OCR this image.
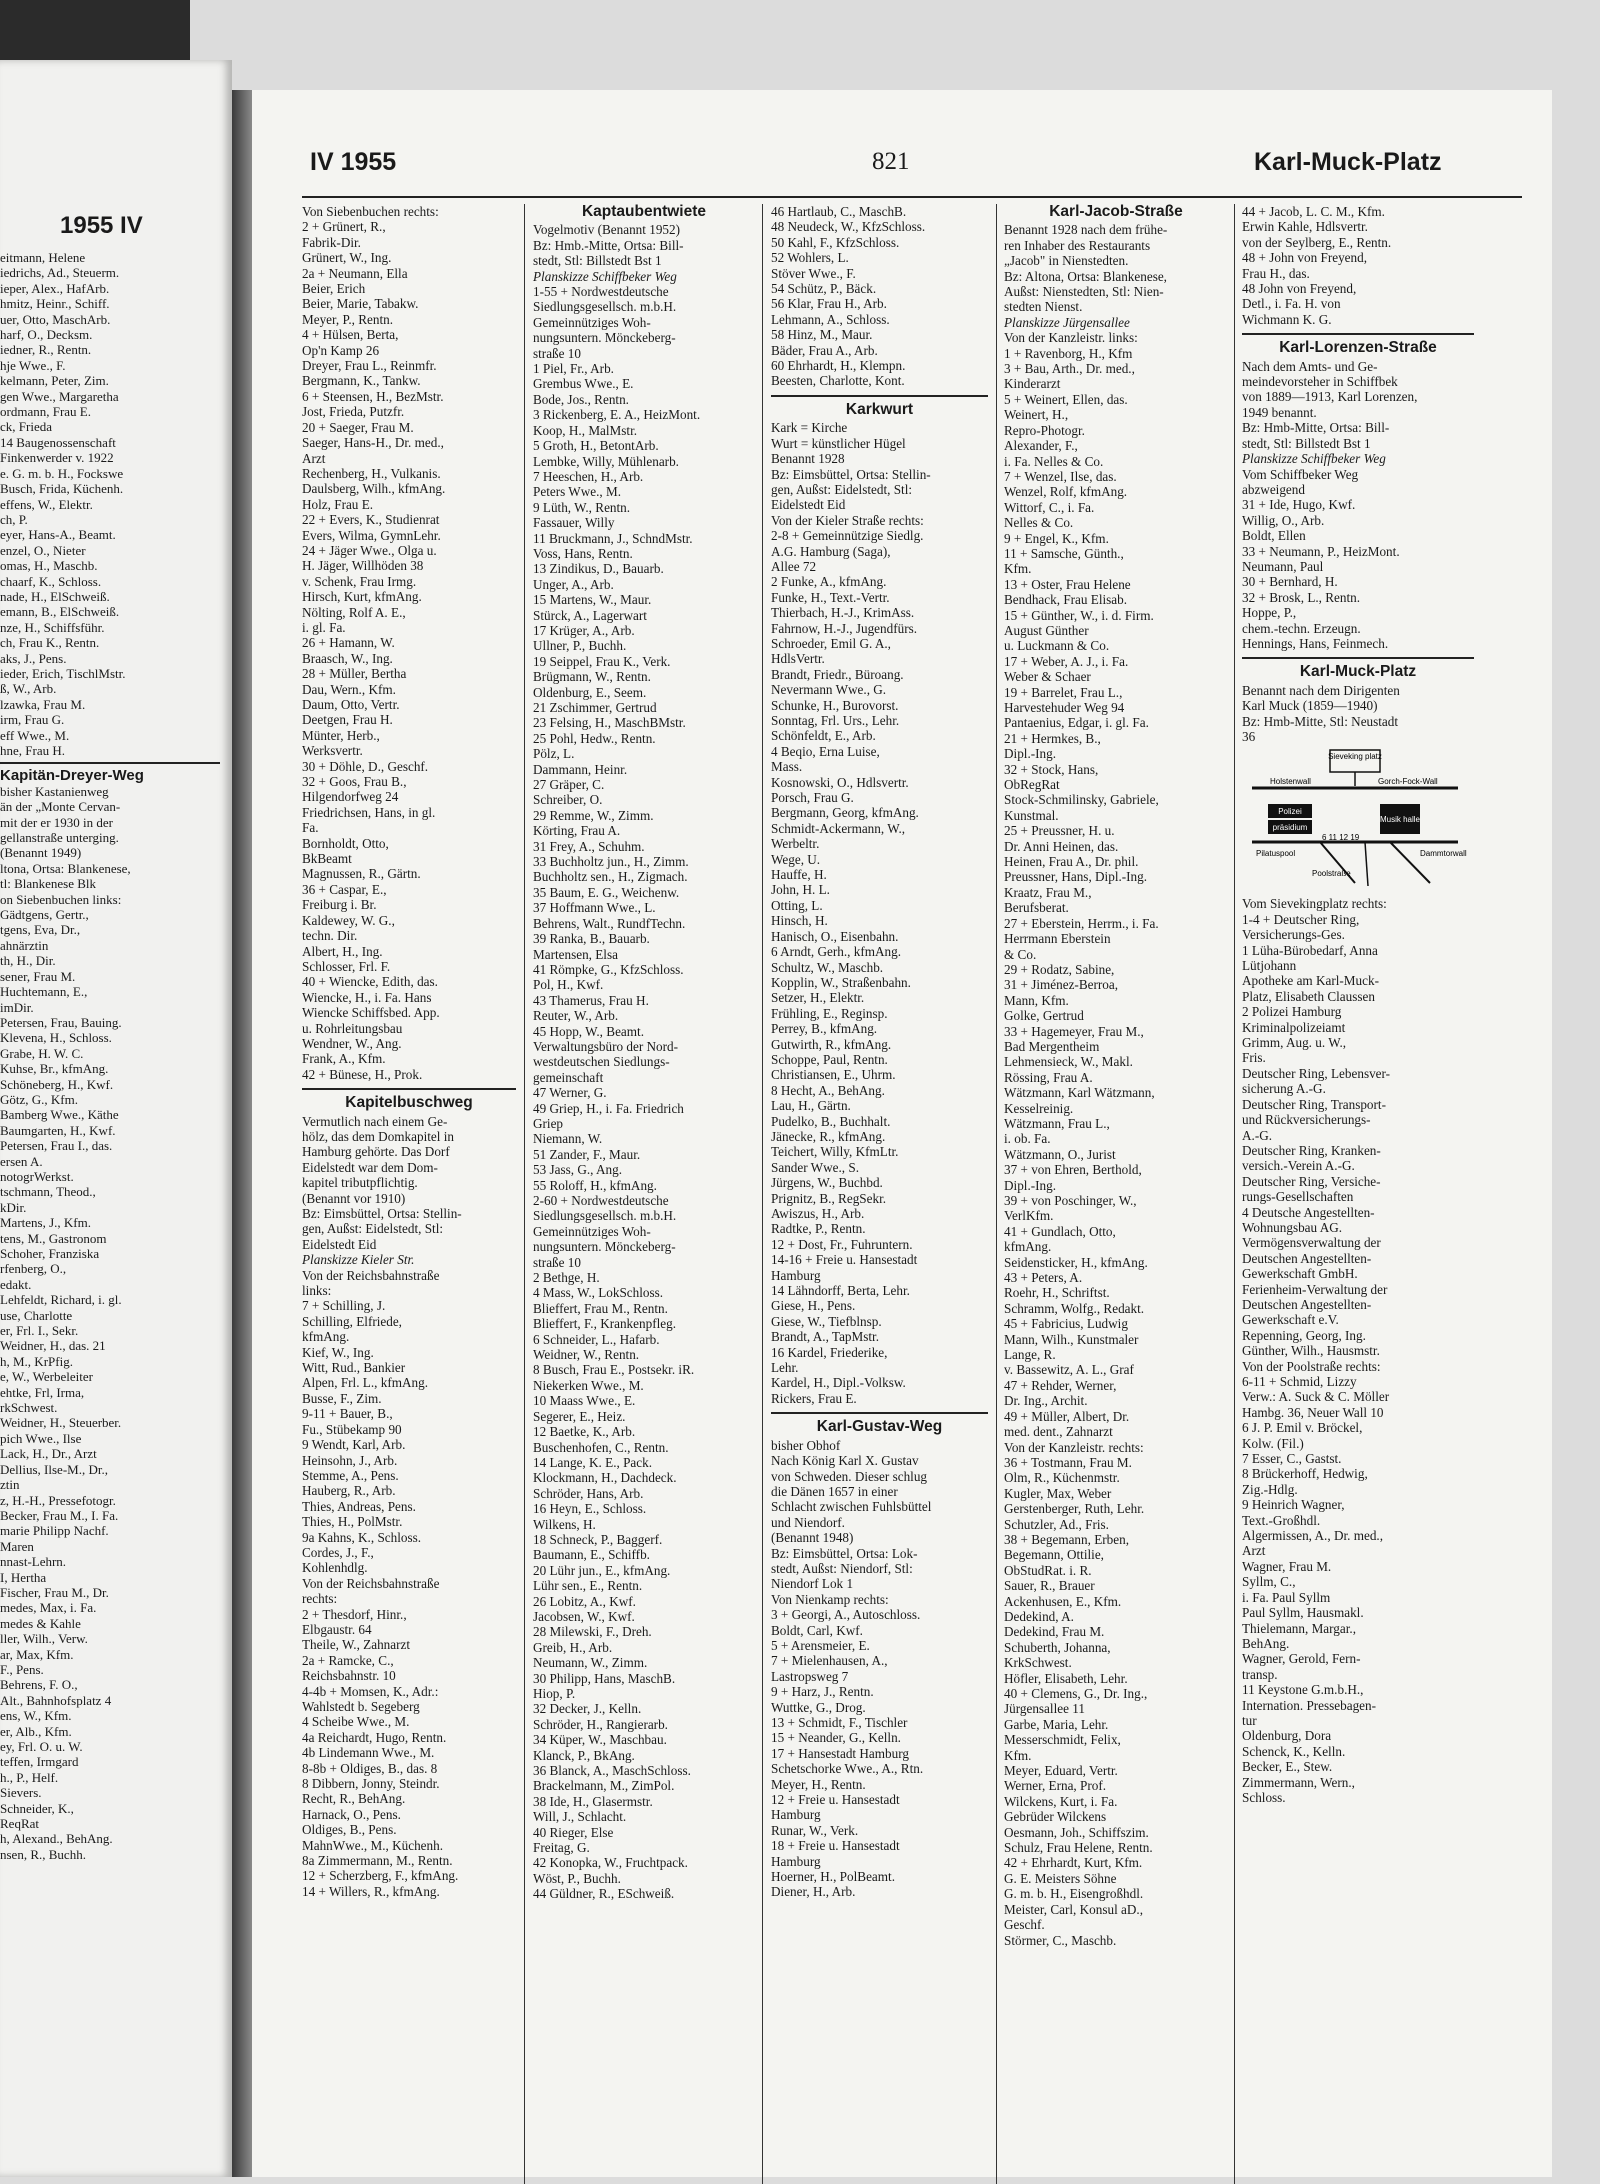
1955 IV
eitmann, Helene
iedrichs, Ad., Steuerm.
ieper, Alex., HafArb.
hmitz, Heinr., Schiff.
uer, Otto, MaschArb.
harf, O., Decksm.
iedner, R., Rentn.
hje Wwe., F.
kelmann, Peter, Zim.
gen Wwe., Margaretha
ordmann, Frau E.
ck, Frieda
14 Baugenossenschaft
Finkenwerder v. 1922
e. G. m. b. H., Fockswe
Busch, Frida, Küchenh.
effens, W., Elektr.
ch, P.
eyer, Hans-A., Beamt.
enzel, O., Nieter
omas, H., Maschb.
chaarf, K., Schloss.
nade, H., ElSchweiß.
emann, B., ElSchweiß.
nze, H., Schiffsführ.
ch, Frau K., Rentn.
aks, J., Pens.
ieder, Erich, TischlMstr.
ß, W., Arb.
lzawka, Frau M.
irm, Frau G.
eff Wwe., M.
hne, Frau H.
Kapitän-Dreyer-Weg
bisher Kastanienweg
än der „Monte Cervan-
mit der er 1930 in der
gellanstraße unterging.
(Benannt 1949)
ltona, Ortsa: Blankenese,
tl: Blankenese Blk
on Siebenbuchen links:
Gädtgens, Gertr.,
tgens, Eva, Dr.,
ahnärztin
th, H., Dir.
sener, Frau M.
Huchtemann, E.,
imDir.
Petersen, Frau, Bauing.
Klevena, H., Schloss.
Grabe, H. W. C.
Kuhse, Br., kfmAng.
Schöneberg, H., Kwf.
Götz, G., Kfm.
Bamberg Wwe., Käthe
Baumgarten, H., Kwf.
Petersen, Frau I., das.
ersen A.
notogrWerkst.
tschmann, Theod.,
kDir.
Martens, J., Kfm.
tens, M., Gastronom
Schoher, Franziska
rfenberg, O.,
edakt.
Lehfeldt, Richard, i. gl.
use, Charlotte
er, Frl. I., Sekr.
Weidner, H., das. 21
h, M., KrPfig.
e, W., Werbeleiter
ehtke, Frl, Irma,
rkSchwest.
Weidner, H., Steuerber.
pich Wwe., Ilse
Lack, H., Dr., Arzt
Dellius, Ilse-M., Dr.,
ztin
z, H.-H., Pressefotogr.
Becker, Frau M., I. Fa.
marie Philipp Nachf.
Maren
nnast-Lehrn.
I, Hertha
Fischer, Frau M., Dr.
medes, Max, i. Fa.
medes & Kahle
ller, Wilh., Verw.
ar, Max, Kfm.
F., Pens.
Behrens, F. O.,
Alt., Bahnhofsplatz 4
ens, W., Kfm.
er, Alb., Kfm.
ey, Frl. O. u. W.
teffen, Irmgard
h., P., Helf.
Sievers.
Schneider, K.,
ReqRat
h, Alexand., BehAng.
nsen, R., Buchh.
IV 1955	821	Karl-Muck-Platz
Von Siebenbuchen rechts:
2 + Grünert, R.,
Fabrik-Dir.
Grünert, W., Ing.
2a + Neumann, Ella
Beier, Erich
Beier, Marie, Tabakw.
Meyer, P., Rentn.
4 + Hülsen, Berta,
Op'n Kamp 26
Dreyer, Frau L., Reinmfr.
Bergmann, K., Tankw.
6 + Steensen, H., BezMstr.
Jost, Frieda, Putzfr.
20 + Saeger, Frau M.
Saeger, Hans-H., Dr. med.,
Arzt
Rechenberg, H., Vulkanis.
Daulsberg, Wilh., kfmAng.
Holz, Frau E.
22 + Evers, K., Studienrat
Evers, Wilma, GymnLehr.
24 + Jäger Wwe., Olga u.
H. Jäger, Willhöden 38
v. Schenk, Frau Irmg.
Hirsch, Kurt, kfmAng.
Nölting, Rolf A. E.,
i. gl. Fa.
26 + Hamann, W.
Braasch, W., Ing.
28 + Müller, Bertha
Dau, Wern., Kfm.
Daum, Otto, Vertr.
Deetgen, Frau H.
Münter, Herb.,
Werksvertr.
30 + Döhle, D., Geschf.
32 + Goos, Frau B.,
Hilgendorfweg 24
Friedrichsen, Hans, in gl.
Fa.
Bornholdt, Otto,
BkBeamt
Magnussen, R., Gärtn.
36 + Caspar, E.,
Freiburg i. Br.
Kaldewey, W. G.,
techn. Dir.
Albert, H., Ing.
Schlosser, Frl. F.
40 + Wiencke, Edith, das.
Wiencke, H., i. Fa. Hans
Wiencke Schiffsbed. App.
u. Rohrleitungsbau
Wendner, W., Ang.
Frank, A., Kfm.
42 + Bünese, H., Prok.
Kapitelbuschweg
Vermutlich nach einem Ge-
hölz, das dem Domkapitel in
Hamburg gehörte. Das Dorf
Eidelstedt war dem Dom-
kapitel tributpflichtig.
(Benannt vor 1910)
Bz: Eimsbüttel, Ortsa: Stellin-
gen, Außst: Eidelstedt, Stl:
Eidelstedt Eid
Planskizze Kieler Str.
Von der Reichsbahnstraße
links:
7 + Schilling, J.
Schilling, Elfriede,
kfmAng.
Kief, W., Ing.
Witt, Rud., Bankier
Alpen, Frl. L., kfmAng.
Busse, F., Zim.
9-11 + Bauer, B.,
Fu., Stübekamp 90
9 Wendt, Karl, Arb.
Heinsohn, J., Arb.
Stemme, A., Pens.
Hauberg, R., Arb.
Thies, Andreas, Pens.
Thies, H., PolMstr.
9a Kahns, K., Schloss.
Cordes, J., F.,
Kohlenhdlg.
Von der Reichsbahnstraße
rechts:
2 + Thesdorf, Hinr.,
Elbgaustr. 64
Theile, W., Zahnarzt
2a + Ramcke, C.,
Reichsbahnstr. 10
4-4b + Momsen, K., Adr.:
Wahlstedt b. Segeberg
4 Scheibe Wwe., M.
4a Reichardt, Hugo, Rentn.
4b Lindemann Wwe., M.
8-8b + Oldiges, B., das. 8
8 Dibbern, Jonny, Steindr.
Recht, R., BehAng.
Harnack, O., Pens.
Oldiges, B., Pens.
MahnWwe., M., Küchenh.
8a Zimmermann, M., Rentn.
12 + Scherzberg, F., kfmAng.
14 + Willers, R., kfmAng.
Kaptaubentwiete
Vogelmotiv (Benannt 1952)
Bz: Hmb.-Mitte, Ortsa: Bill-
stedt, Stl: Billstedt Bst 1
Planskizze Schiffbeker Weg
1-55 + Nordwestdeutsche
Siedlungsgesellsch. m.b.H.
Gemeinnütziges Woh-
nungsuntern. Mönckeberg-
straße 10
1 Piel, Fr., Arb.
Grembus Wwe., E.
Bode, Jos., Rentn.
3 Rickenberg, E. A., HeizMont.
Koop, H., MalMstr.
5 Groth, H., BetontArb.
Lembke, Willy, Mühlenarb.
7 Heeschen, H., Arb.
Peters Wwe., M.
9 Lüth, W., Rentn.
Fassauer, Willy
11 Bruckmann, J., SchndMstr.
Voss, Hans, Rentn.
13 Zindikus, D., Bauarb.
Unger, A., Arb.
15 Martens, W., Maur.
Stürck, A., Lagerwart
17 Krüger, A., Arb.
Ullner, P., Buchh.
19 Seippel, Frau K., Verk.
Brügmann, W., Rentn.
Oldenburg, E., Seem.
21 Zschimmer, Gertrud
23 Felsing, H., MaschBMstr.
25 Pohl, Hedw., Rentn.
Pölz, L.
Dammann, Heinr.
27 Gräper, C.
Schreiber, O.
29 Remme, W., Zimm.
Körting, Frau A.
31 Frey, A., Schuhm.
33 Buchholtz jun., H., Zimm.
Buchholtz sen., H., Zigmach.
35 Baum, E. G., Weichenw.
37 Hoffmann Wwe., L.
Behrens, Walt., RundfTechn.
39 Ranka, B., Bauarb.
Martensen, Elsa
41 Römpke, G., KfzSchloss.
Pol, H., Kwf.
43 Thamerus, Frau H.
Reuter, W., Arb.
45 Hopp, W., Beamt.
Verwaltungsbüro der Nord-
westdeutschen Siedlungs-
gemeinschaft
47 Werner, G.
49 Griep, H., i. Fa. Friedrich
Griep
Niemann, W.
51 Zander, F., Maur.
53 Jass, G., Ang.
55 Roloff, H., kfmAng.
2-60 + Nordwestdeutsche
Siedlungsgesellsch. m.b.H.
Gemeinnütziges Woh-
nungsuntern. Mönckeberg-
straße 10
2 Bethge, H.
4 Mass, W., LokSchloss.
Blieffert, Frau M., Rentn.
Blieffert, F., Krankenpfleg.
6 Schneider, L., Hafarb.
Weidner, W., Rentn.
8 Busch, Frau E., Postsekr. iR.
Niekerken Wwe., M.
10 Maass Wwe., E.
Segerer, E., Heiz.
12 Baetke, K., Arb.
Buschenhofen, C., Rentn.
14 Lange, K. E., Pack.
Klockmann, H., Dachdeck.
Schröder, Hans, Arb.
16 Heyn, E., Schloss.
Wilkens, H.
18 Schneck, P., Baggerf.
Baumann, E., Schiffb.
20 Lühr jun., E., kfmAng.
Lühr sen., E., Rentn.
26 Lobitz, A., Kwf.
Jacobsen, W., Kwf.
28 Milewski, F., Dreh.
Greib, H., Arb.
Neumann, W., Zimm.
30 Philipp, Hans, MaschB.
Hiop, P.
32 Decker, J., Kelln.
Schröder, H., Rangierarb.
34 Küper, W., Maschbau.
Klanck, P., BkAng.
36 Blanck, A., MaschSchloss.
Brackelmann, M., ZimPol.
38 Ide, H., Glasermstr.
Will, J., Schlacht.
40 Rieger, Else
Freitag, G.
42 Konopka, W., Fruchtpack.
Wöst, P., Buchh.
44 Güldner, R., ESchweiß.
46 Hartlaub, C., MaschB.
48 Neudeck, W., KfzSchloss.
50 Kahl, F., KfzSchloss.
52 Wohlers, L.
Stöver Wwe., F.
54 Schütz, P., Bäck.
56 Klar, Frau H., Arb.
Lehmann, A., Schloss.
58 Hinz, M., Maur.
Bäder, Frau A., Arb.
60 Ehrhardt, H., Klempn.
Beesten, Charlotte, Kont.
Karkwurt
Kark = Kirche
Wurt = künstlicher Hügel
Benannt 1928
Bz: Eimsbüttel, Ortsa: Stellin-
gen, Außst: Eidelstedt, Stl:
Eidelstedt Eid
Von der Kieler Straße rechts:
2-8 + Gemeinnützige Siedlg.
A.G. Hamburg (Saga),
Allee 72
2 Funke, A., kfmAng.
Funke, H., Text.-Vertr.
Thierbach, H.-J., KrimAss.
Fahrnow, H.-J., Jugendfürs.
Schroeder, Emil G. A.,
HdlsVertr.
Brandt, Friedr., Büroang.
Nevermann Wwe., G.
Schunke, H., Burovorst.
Sonntag, Frl. Urs., Lehr.
Schönfeldt, E., Arb.
4 Beqio, Erna Luise,
Mass.
Kosnowski, O., Hdlsvertr.
Porsch, Frau G.
Bergmann, Georg, kfmAng.
Schmidt-Ackermann, W.,
Werbeltr.
Wege, U.
Hauffe, H.
John, H. L.
Otting, L.
Hinsch, H.
Hanisch, O., Eisenbahn.
6 Arndt, Gerh., kfmAng.
Schultz, W., Maschb.
Kopplin, W., Straßenbahn.
Setzer, H., Elektr.
Frühling, E., Reginsp.
Perrey, B., kfmAng.
Gutwirth, R., kfmAng.
Schoppe, Paul, Rentn.
Christiansen, E., Uhrm.
8 Hecht, A., BehAng.
Lau, H., Gärtn.
Pudelko, B., Buchhalt.
Jänecke, R., kfmAng.
Teichert, Willy, KfmLtr.
Sander Wwe., S.
Jürgens, W., Buchbd.
Prignitz, B., RegSekr.
Awiszus, H., Arb.
Radtke, P., Rentn.
12 + Dost, Fr., Fuhruntern.
14-16 + Freie u. Hansestadt
Hamburg
14 Lähndorff, Berta, Lehr.
Giese, H., Pens.
Giese, W., Tiefblnsp.
Brandt, A., TapMstr.
16 Kardel, Friederike,
Lehr.
Kardel, H., Dipl.-Volksw.
Rickers, Frau E.
Karl-Gustav-Weg
bisher Obhof
Nach König Karl X. Gustav
von Schweden. Dieser schlug
die Dänen 1657 in einer
Schlacht zwischen Fuhlsbüttel
und Niendorf.
(Benannt 1948)
Bz: Eimsbüttel, Ortsa: Lok-
stedt, Außst: Niendorf, Stl:
Niendorf Lok 1
Von Nienkamp rechts:
3 + Georgi, A., Autoschloss.
Boldt, Carl, Kwf.
5 + Arensmeier, E.
7 + Mielenhausen, A.,
Lastropsweg 7
9 + Harz, J., Rentn.
Wuttke, G., Drog.
13 + Schmidt, F., Tischler
15 + Neander, G., Kelln.
17 + Hansestadt Hamburg
Schetschorke Wwe., A., Rtn.
Meyer, H., Rentn.
12 + Freie u. Hansestadt
Hamburg
Runar, W., Verk.
18 + Freie u. Hansestadt
Hamburg
Hoerner, H., PolBeamt.
Diener, H., Arb.
Karl-Jacob-Straße
Benannt 1928 nach dem frühe-
ren Inhaber des Restaurants
„Jacob" in Nienstedten.
Bz: Altona, Ortsa: Blankenese,
Außst: Nienstedten, Stl: Nien-
stedten Nienst.
Planskizze Jürgensallee
Von der Kanzleistr. links:
1 + Ravenborg, H., Kfm
3 + Bau, Arth., Dr. med.,
Kinderarzt
5 + Weinert, Ellen, das.
Weinert, H.,
Repro-Photogr.
Alexander, F.,
i. Fa. Nelles & Co.
7 + Wenzel, Ilse, das.
Wenzel, Rolf, kfmAng.
Wittorf, C., i. Fa.
Nelles & Co.
9 + Engel, K., Kfm.
11 + Samsche, Günth.,
Kfm.
13 + Oster, Frau Helene
Bendhack, Frau Elisab.
15 + Günther, W., i. d. Firm.
August Günther
u. Luckmann & Co.
17 + Weber, A. J., i. Fa.
Weber & Schaer
19 + Barrelet, Frau L.,
Harvestehuder Weg 94
Pantaenius, Edgar, i. gl. Fa.
21 + Hermkes, B.,
Dipl.-Ing.
32 + Stock, Hans,
ObRegRat
Stock-Schmilinsky, Gabriele,
Kunstmal.
25 + Preussner, H. u.
Dr. Anni Heinen, das.
Heinen, Frau A., Dr. phil.
Preussner, Hans, Dipl.-Ing.
Kraatz, Frau M.,
Berufsberat.
27 + Eberstein, Herrm., i. Fa.
Herrmann Eberstein
& Co.
29 + Rodatz, Sabine,
31 + Jiménez-Berroa,
Mann, Kfm.
Golke, Gertrud
33 + Hagemeyer, Frau M.,
Bad Mergentheim
Lehmensieck, W., Makl.
Rössing, Frau A.
Wätzmann, Karl Wätzmann,
Kesselreinig.
Wätzmann, Frau L.,
i. ob. Fa.
Wätzmann, O., Jurist
37 + von Ehren, Berthold,
Dipl.-Ing.
39 + von Poschinger, W.,
VerlKfm.
41 + Gundlach, Otto,
kfmAng.
Seidensticker, H., kfmAng.
43 + Peters, A.
Roehr, H., Schriftst.
Schramm, Wolfg., Redakt.
45 + Fabricius, Ludwig
Mann, Wilh., Kunstmaler
Lange, R.
v. Bassewitz, A. L., Graf
47 + Rehder, Werner,
Dr. Ing., Archit.
49 + Müller, Albert, Dr.
med. dent., Zahnarzt
Von der Kanzleistr. rechts:
36 + Tostmann, Frau M.
Olm, R., Küchenmstr.
Kugler, Max, Weber
Gerstenberger, Ruth, Lehr.
Schutzler, Ad., Fris.
38 + Begemann, Erben,
Begemann, Ottilie,
ObStudRat. i. R.
Sauer, R., Brauer
Ackenhusen, E., Kfm.
Dedekind, A.
Dedekind, Frau M.
Schuberth, Johanna,
KrkSchwest.
Höfler, Elisabeth, Lehr.
40 + Clemens, G., Dr. Ing.,
Jürgensallee 11
Garbe, Maria, Lehr.
Messerschmidt, Felix,
Kfm.
Meyer, Eduard, Vertr.
Werner, Erna, Prof.
Wilckens, Kurt, i. Fa.
Gebrüder Wilckens
Oesmann, Joh., Schiffszim.
Schulz, Frau Helene, Rentn.
42 + Ehrhardt, Kurt, Kfm.
G. E. Meisters Söhne
G. m. b. H., Eisengroßhdl.
Meister, Carl, Konsul aD.,
Geschf.
Störmer, C., Maschb.
44 + Jacob, L. C. M., Kfm.
Erwin Kahle, Hdlsvertr.
von der Seylberg, E., Rentn.
48 + John von Freyend,
Frau H., das.
48 John von Freyend,
Detl., i. Fa. H. von
Wichmann K. G.
Karl-Lorenzen-Straße
Nach dem Amts- und Ge-
meindevorsteher in Schiffbek
von 1889—1913, Karl Lorenzen,
1949 benannt.
Bz: Hmb-Mitte, Ortsa: Bill-
stedt, Stl: Billstedt Bst 1
Planskizze Schiffbeker Weg
Vom Schiffbeker Weg
abzweigend
31 + Ide, Hugo, Kwf.
Willig, O., Arb.
Boldt, Ellen
33 + Neumann, P., HeizMont.
Neumann, Paul
30 + Bernhard, H.
32 + Brosk, L., Rentn.
Hoppe, P.,
chem.-techn. Erzeugn.
Hennings, Hans, Feinmech.
Karl-Muck-Platz
Benannt nach dem Dirigenten
Karl Muck (1859—1940)
Bz: Hmb-Mitte, Stl: Neustadt
36
Sieveking platz
Holstenwall	Gorch-Fock-Wall
Polizei
präsidium
Musik halle
6 11 12 19
Pilatuspool	Dammtorwall
Poolstraße
Vom Sievekingplatz rechts:
1-4 + Deutscher Ring,
Versicherungs-Ges.
1 Lüha-Bürobedarf, Anna
Lütjohann
Apotheke am Karl-Muck-
Platz, Elisabeth Claussen
2 Polizei Hamburg
Kriminalpolizeiamt
Grimm, Aug. u. W.,
Fris.
Deutscher Ring, Lebensver-
sicherung A.-G.
Deutscher Ring, Transport-
und Rückversicherungs-
A.-G.
Deutscher Ring, Kranken-
versich.-Verein A.-G.
Deutscher Ring, Versiche-
rungs-Gesellschaften
4 Deutsche Angestellten-
Wohnungsbau AG.
Vermögensverwaltung der
Deutschen Angestellten-
Gewerkschaft GmbH.
Ferienheim-Verwaltung der
Deutschen Angestellten-
Gewerkschaft e.V.
Repenning, Georg, Ing.
Günther, Wilh., Hausmstr.
Von der Poolstraße rechts:
6-11 + Schmid, Lizzy
Verw.: A. Suck & C. Möller
Hambg. 36, Neuer Wall 10
6 J. P. Emil v. Bröckel,
Kolw. (Fil.)
7 Esser, C., Gastst.
8 Brückerhoff, Hedwig,
Zig.-Hdlg.
9 Heinrich Wagner,
Text.-Großhdl.
Algermissen, A., Dr. med.,
Arzt
Wagner, Frau M.
Syllm, C.,
i. Fa. Paul Syllm
Paul Syllm, Hausmakl.
Thielemann, Margar.,
BehAng.
Wagner, Gerold, Fern-
transp.
11 Keystone G.m.b.H.,
Internation. Pressebagen-
tur
Oldenburg, Dora
Schenck, K., Kelln.
Becker, E., Stew.
Zimmermann, Wern.,
Schloss.
